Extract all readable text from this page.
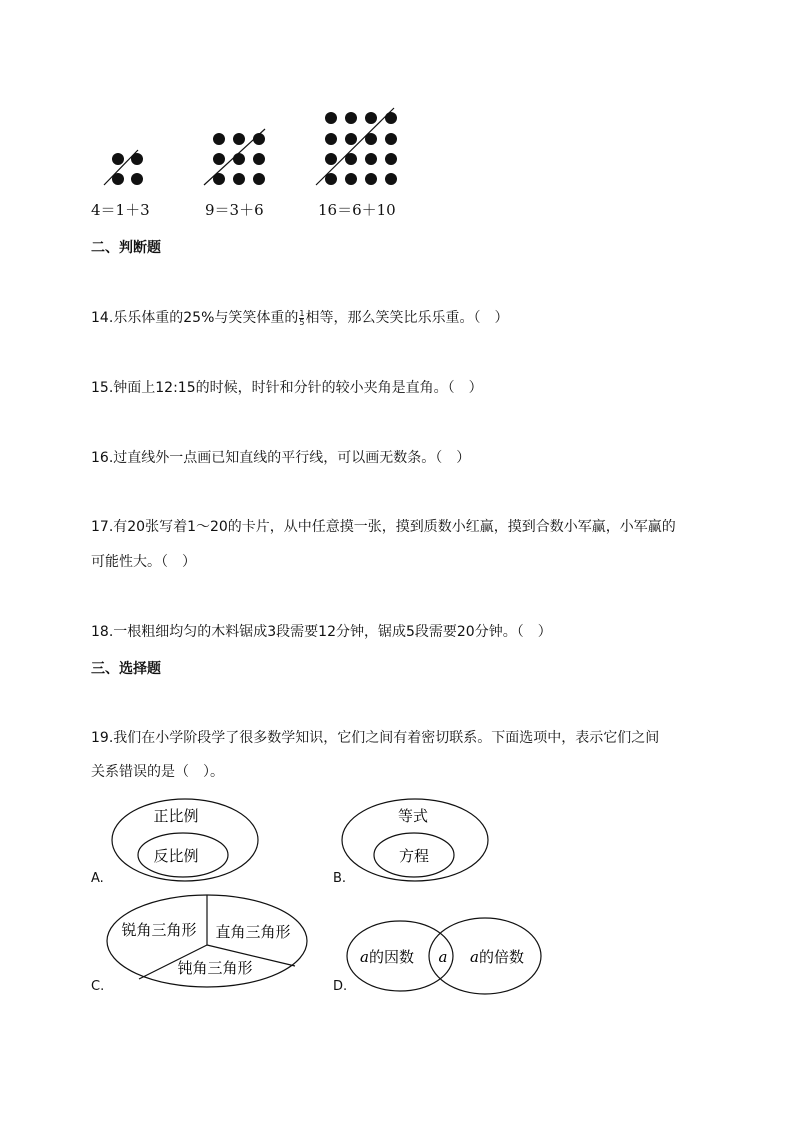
4＝1＋3	9＝3＋6	16＝6＋10
二、判断题
14.乐乐体重的25%与笑笑体重的 $\frac{1}{5}$ 相等，那么笑笑比乐乐重。（　）
15.钟面上12:15的时候，时针和分针的较小夹角是直角。（　）
16.过直线外一点画已知直线的平行线，可以画无数条。（　）
17.有20张写着1～20的卡片，从中任意摸一张，摸到质数小红赢，摸到合数小军赢，小军赢的
可能性大。（　）
18.一根粗细均匀的木料锯成3段需要12分钟，锯成5段需要20分钟。（　）
三、选择题
19.我们在小学阶段学了很多数学知识，它们之间有着密切联系。下面选项中，表示它们之间
关系错误的是（　）。
正比例
反比例
A.
等式
方程
B.
锐角三角形 直角三角形
钝角三角形
C.
a的因数 a a的倍数
D.
